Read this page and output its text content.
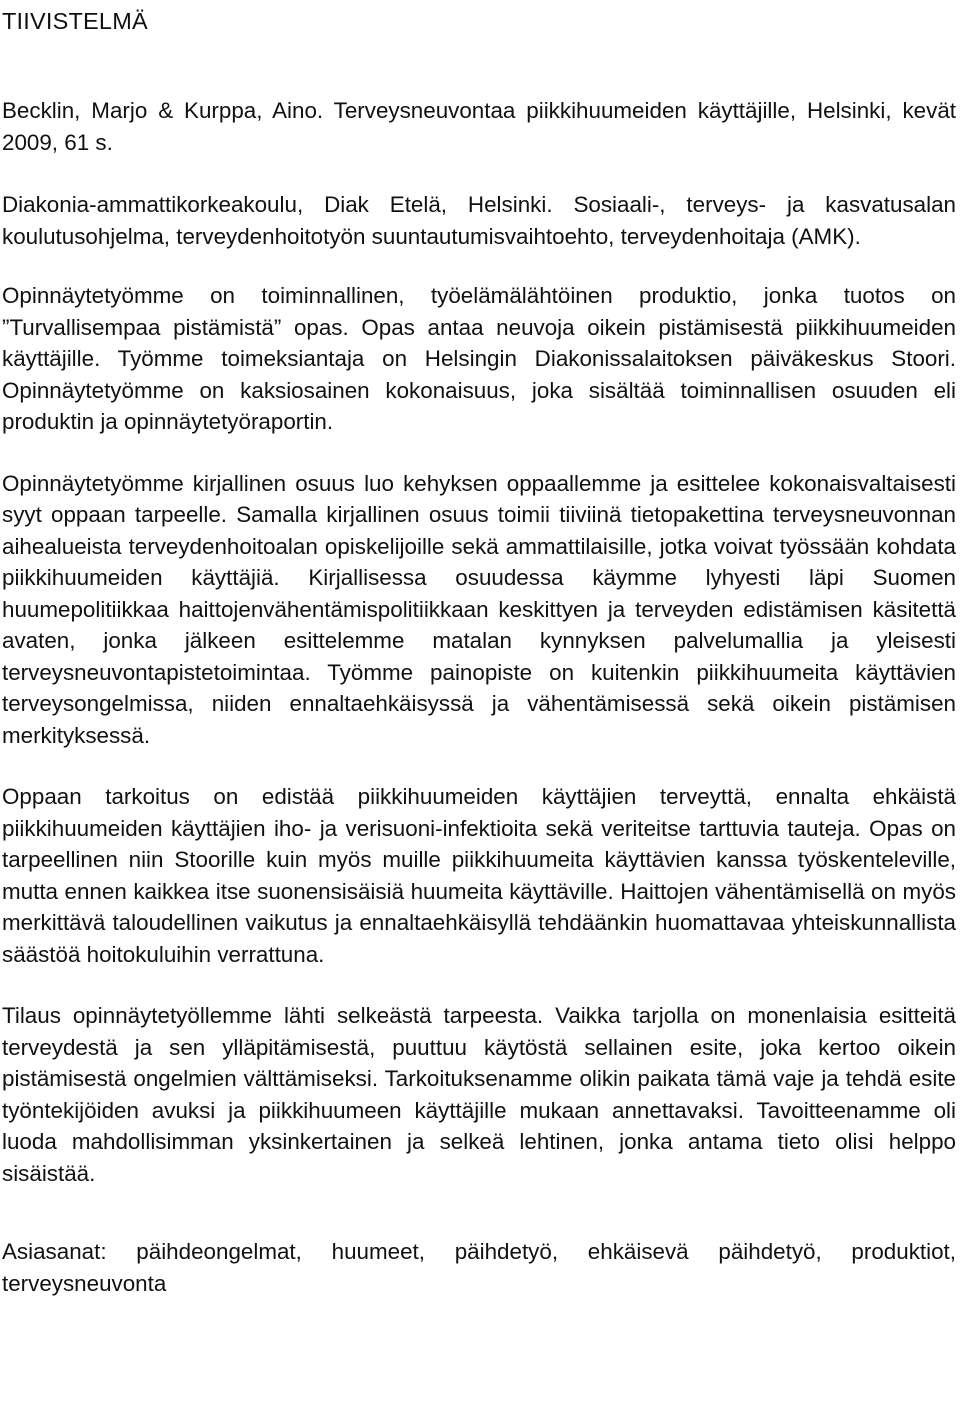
TIIVISTELMÄ

Becklin, Marjo & Kurppa, Aino. Terveysneuvontaa piikkihuumeiden käyttäjille, Helsinki, kevät 2009, 61 s.

Diakonia-ammattikorkeakoulu, Diak Etelä, Helsinki. Sosiaali-, terveys- ja kasvatusalan koulutusohjelma, terveydenhoitotyön suuntautumisvaihtoehto, terveydenhoitaja (AMK).

Opinnäytetyömme on toiminnallinen, työelämälähtöinen produktio, jonka tuotos on ”Turvallisempaa pistämistä” opas. Opas antaa neuvoja oikein pistämisestä piikkihuumeiden käyttäjille. Työmme toimeksiantaja on Helsingin Diakonissalaitoksen päiväkeskus Stoori. Opinnäytetyömme on kaksiosainen kokonaisuus, joka sisältää toiminnallisen osuuden eli produktin ja opinnäytetyöraportin.

Opinnäytetyömme kirjallinen osuus luo kehyksen oppaallemme ja esittelee kokonaisvaltaisesti syyt oppaan tarpeelle. Samalla kirjallinen osuus toimii tiiviinä tietopakettina terveysneuvonnan aihealueista terveydenhoitoalan opiskelijoille sekä ammattilaisille, jotka voivat työssään kohdata piikkihuumeiden käyttäjiä. Kirjallisessa osuudessa käymme lyhyesti läpi Suomen huumepolitiikkaa haittojenvähentämispolitiikkaan keskittyen ja terveyden edistämisen käsitettä avaten, jonka jälkeen esittelemme matalan kynnyksen palvelumallia ja yleisesti terveysneuvontapistetoimintaa. Työmme painopiste on kuitenkin piikkihuumeita käyttävien terveysongelmissa, niiden ennaltaehkäisyssä ja vähentämisessä sekä oikein pistämisen merkityksessä.

Oppaan tarkoitus on edistää piikkihuumeiden käyttäjien terveyttä, ennalta ehkäistä piikkihuumeiden käyttäjien iho- ja verisuoni-infektioita sekä veriteitse tarttuvia tauteja. Opas on tarpeellinen niin Stoorille kuin myös muille piikkihuumeita käyttävien kanssa työskenteleville, mutta ennen kaikkea itse suonensisäisiä huumeita käyttäville. Haittojen vähentämisellä on myös merkittävä taloudellinen vaikutus ja ennaltaehkäisyllä tehdäänkin huomattavaa yhteiskunnallista säästöä hoitokuluihin verrattuna.

Tilaus opinnäytetyöllemme lähti selkeästä tarpeesta. Vaikka tarjolla on monenlaisia esitteitä terveydestä ja sen ylläpitämisestä, puuttuu käytöstä sellainen esite, joka kertoo oikein pistämisestä ongelmien välttämiseksi. Tarkoituksenamme olikin paikata tämä vaje ja tehdä esite työntekijöiden avuksi ja piikkihuumeen käyttäjille mukaan annettavaksi. Tavoitteenamme oli luoda mahdollisimman yksinkertainen ja selkeä lehtinen, jonka antama tieto olisi helppo sisäistää.

Asiasanat: päihdeongelmat, huumeet, päihdetyö, ehkäisevä päihdetyö, produktiot, terveysneuvonta
